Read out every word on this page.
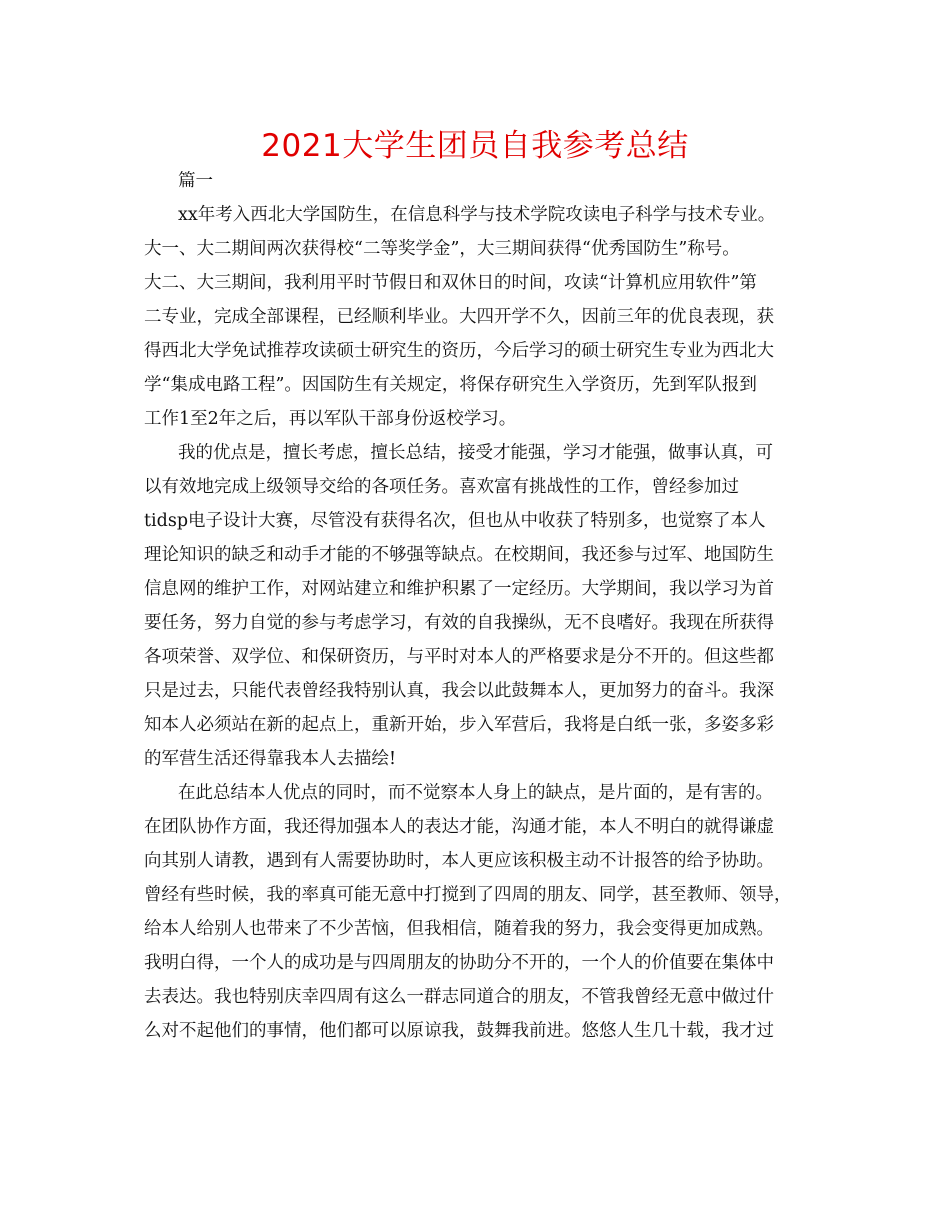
2021大学生团员自我参考总结
篇一
xx年考入西北大学国防生，在信息科学与技术学院攻读电子科学与技术专业。
大一、大二期间两次获得校“二等奖学金”，大三期间获得“优秀国防生”称号。
大二、大三期间，我利用平时节假日和双休日的时间，攻读“计算机应用软件”第
二专业，完成全部课程，已经顺利毕业。大四开学不久，因前三年的优良表现，获
得西北大学免试推荐攻读硕士研究生的资历，今后学习的硕士研究生专业为西北大
学“集成电路工程”。因国防生有关规定，将保存研究生入学资历，先到军队报到
工作1至2年之后，再以军队干部身份返校学习。
我的优点是，擅长考虑，擅长总结，接受才能强，学习才能强，做事认真，可
以有效地完成上级领导交给的各项任务。喜欢富有挑战性的工作，曾经参加过
tidsp电子设计大赛，尽管没有获得名次，但也从中收获了特别多，也觉察了本人
理论知识的缺乏和动手才能的不够强等缺点。在校期间，我还参与过军、地国防生
信息网的维护工作，对网站建立和维护积累了一定经历。大学期间，我以学习为首
要任务，努力自觉的参与考虑学习，有效的自我操纵，无不良嗜好。我现在所获得
各项荣誉、双学位、和保研资历，与平时对本人的严格要求是分不开的。但这些都
只是过去，只能代表曾经我特别认真，我会以此鼓舞本人，更加努力的奋斗。我深
知本人必须站在新的起点上，重新开始，步入军营后，我将是白纸一张，多姿多彩
的军营生活还得靠我本人去描绘!
在此总结本人优点的同时，而不觉察本人身上的缺点，是片面的，是有害的。
在团队协作方面，我还得加强本人的表达才能，沟通才能，本人不明白的就得谦虚
向其别人请教，遇到有人需要协助时，本人更应该积极主动不计报答的给予协助。
曾经有些时候，我的率真可能无意中打搅到了四周的朋友、同学，甚至教师、领导，
给本人给别人也带来了不少苦恼，但我相信，随着我的努力，我会变得更加成熟。
我明白得，一个人的成功是与四周朋友的协助分不开的，一个人的价值要在集体中
去表达。我也特别庆幸四周有这么一群志同道合的朋友，不管我曾经无意中做过什
么对不起他们的事情，他们都可以原谅我，鼓舞我前进。悠悠人生几十载，我才过
